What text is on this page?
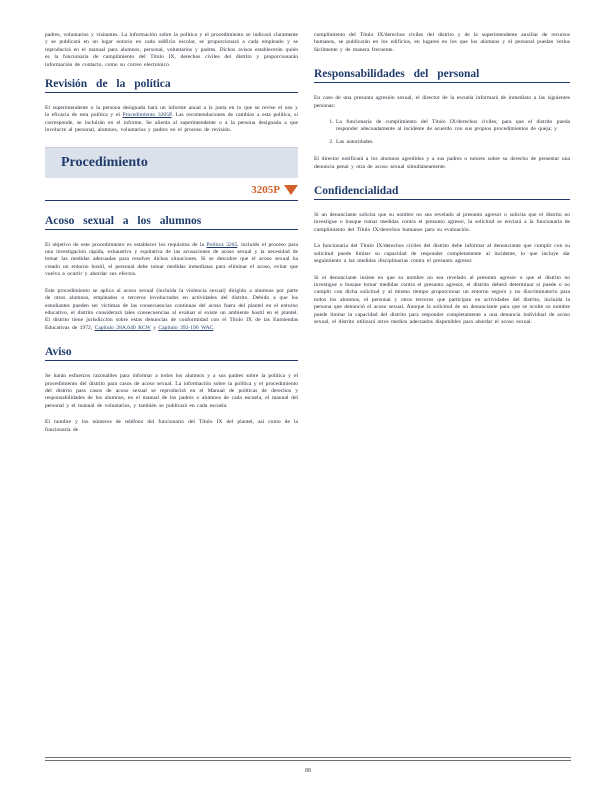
padres, voluntarios y visitantes. La información sobre la política y el procedimiento se indicará claramente y se publicará en un lugar notorio en cada edificio escolar, se proporcionará a cada empleado y se reproducirá en el manual para alumnos, personal, voluntarios y padres. Dichos avisos establecerán quién es la funcionaria de cumplimiento del Título IX, derechos civiles del distrito y proporcionarán información de contacto, como su correo electrónico.

Revisión de la política

El superintendente o la persona designada hará un informe anual a la junta en lo que se revise el uso y la eficacia de esta política y el Procedimiento 3205P. Las recomendaciones de cambios a esta política, si corresponde, se incluirán en el informe. Se alienta al superintendente o a la persona designada a que involucre al personal, alumnos, voluntarios y padres en el proceso de revisión.

Procedimiento
3205P
Acoso sexual a los alumnos

El objetivo de este procedimiento es establecer los requisitos de la Política 3205, incluido el proceso para una investigación rápida, exhaustiva y equitativa de las acusaciones de acoso sexual y la necesidad de tomar las medidas adecuadas para resolver dichas situaciones. Si se descubre que el acoso sexual ha creado un entorno hostil, el personal debe tomar medidas inmediatas para eliminar el acoso, evitar que vuelva a ocurrir y abordar sus efectos.

Este procedimiento se aplica al acoso sexual (incluida la violencia sexual) dirigido a alumnos por parte de otros alumnos, empleados o terceros involucrados en actividades del distrito. Debido a que los estudiantes pueden ser víctimas de las consecuencias continuas del acoso fuera del plantel en el entorno educativo, el distrito considerará tales consecuencias al evaluar si existe un ambiente hostil en el plantel. El distrito tiene jurisdicción sobre estas denuncias de conformidad con el Título IX de las Enmiendas Educativas de 1972, Capítulo 28A.640 RCW y Capítulo 392-190 WAC.

Aviso

Se harán esfuerzos razonables para informar a todos los alumnos y a sus padres sobre la política y el procedimiento del distrito para casos de acoso sexual. La información sobre la política y el procedimiento del distrito para casos de acoso sexual se reproducirá en el Manual de políticas de derechos y responsabilidades de los alumnos, en el manual de los padres o alumnos de cada escuela, el manual del personal y el manual de voluntarios, y también se publicará en cada escuela.

El nombre y los números de teléfono del funcionario del Título IX del plantel, así como de la funcionaria de

cumplimiento del Título IX/derechos civiles del distrito y de la superintendente auxiliar de recursos humanos, se publicarán en los edificios, en lugares en los que los alumnos y el personal puedan verlos fácilmente y de manera frecuente.

Responsabilidades del personal

En caso de una presunta agresión sexual, el director de la escuela informará de inmediato a las siguientes personas:

1. La funcionaria de cumplimiento del Título IX/derechos civiles, para que el distrito pueda responder adecuadamente al incidente de acuerdo con sus propios procedimientos de queja; y
2. Las autoridades.

El director notificará a los alumnos agredidos y a sus padres o tutores sobre su derecho de presentar una denuncia penal y otra de acoso sexual simultáneamente.

Confidencialidad

Si un denunciante solicita que su nombre no sea revelado al presunto agresor o solicita que el distrito no investigue o busque tomar medidas contra el presunto agresor, la solicitud se enviará a la funcionaria de cumplimiento del Título IX/derechos humanos para su evaluación.

La funcionaria del Título IX/derechos civiles del distrito debe informar al denunciante que cumplir con su solicitud puede limitar su capacidad de responder completamente al incidente, lo que incluye dar seguimiento a las medidas disciplinarias contra el presunto agresor.

Si el denunciante insiste en que su nombre no sea revelado al presunto agresor o que el distrito no investigue o busque tomar medidas contra el presunto agresor, el distrito deberá determinar si puede o no cumplir con dicha solicitud y al mismo tiempo proporcionar un entorno seguro y no discriminatorio para todos los alumnos, el personal y otros terceros que participan en actividades del distrito, incluida la persona que denunció el acoso sexual. Aunque la solicitud de un denunciante para que se oculte su nombre puede limitar la capacidad del distrito para responder completamente a una denuncia individual de acoso sexual, el distrito utilizará otros medios adecuados disponibles para abordar el acoso sexual.

88
